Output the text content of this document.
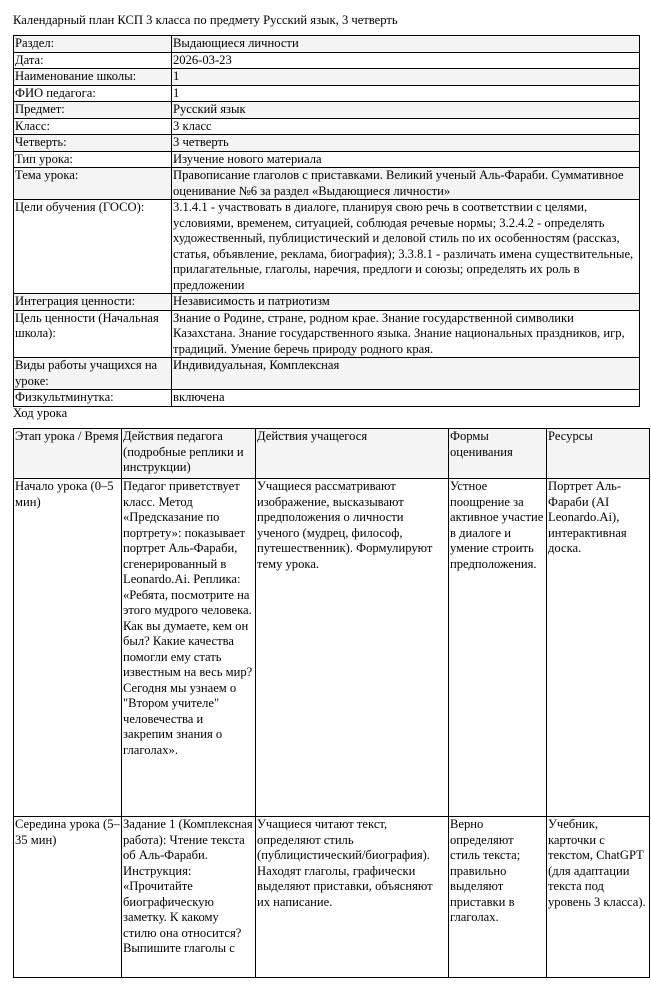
Календарный план КСП 3 класса по предмету Русский язык, 3 четверть
Раздел:	Выдающиеся личности
Дата:	2026-03-23
Наименование школы:	1
ФИО педагога:	1
Предмет:	Русский язык
Класс:	3 класс
Четверть:	3 четверть
Тип урока:	Изучение нового материала
Тема урока:	Правописание глаголов с приставками. Великий ученый Аль-Фараби. Суммативное оценивание №6 за раздел «Выдающиеся личности»
Цели обучения (ГОСО):	3.1.4.1 - участвовать в диалоге, планируя свою речь в соответствии с целями, условиями, временем, ситуацией, соблюдая речевые нормы; 3.2.4.2 - определять художественный, публицистический и деловой стиль по их особенностям (рассказ, статья, объявление, реклама, биография); 3.3.8.1 - различать имена существительные, прилагательные, глаголы, наречия, предлоги и союзы; определять их роль в предложении
Интеграция ценности:	Независимость и патриотизм
Цель ценности (Начальная школа):	Знание о Родине, стране, родном крае. Знание государственной символики Казахстана. Знание государственного языка. Знание национальных праздников, игр, традиций. Умение беречь природу родного края.
Виды работы учащихся на уроке:	Индивидуальная, Комплексная
Физкультминутка:	включена
Ход урока
Этап урока / Время	Действия педагога (подробные реплики и инструкции)	Действия учащегося	Формы оценивания	Ресурсы
Начало урока (0–5 мин)	Педагог приветствует класс. Метод «Предсказание по портрету»: показывает портрет Аль-Фараби, сгенерированный в Leonardo.Ai. Реплика: «Ребята, посмотрите на этого мудрого человека. Как вы думаете, кем он был? Какие качества помогли ему стать известным на весь мир? Сегодня мы узнаем о "Втором учителе" человечества и закрепим знания о глаголах».	Учащиеся рассматривают изображение, высказывают предположения о личности ученого (мудрец, философ, путешественник). Формулируют тему урока.	Устное поощрение за активное участие в диалоге и умение строить предположения.	Портрет Аль-Фараби (AI Leonardo.Ai), интерактивная доска.
Середина урока (5–35 мин)	Задание 1 (Комплексная работа): Чтение текста об Аль-Фараби. Инструкция: «Прочитайте биографическую заметку. К какому стилю она относится? Выпишите глаголы с	Учащиеся читают текст, определяют стиль (публицистический/биография). Находят глаголы, графически выделяют приставки, объясняют их написание.	Верно определяют стиль текста; правильно выделяют приставки в глаголах.	Учебник, карточки с текстом, ChatGPT (для адаптации текста под уровень 3 класса).
